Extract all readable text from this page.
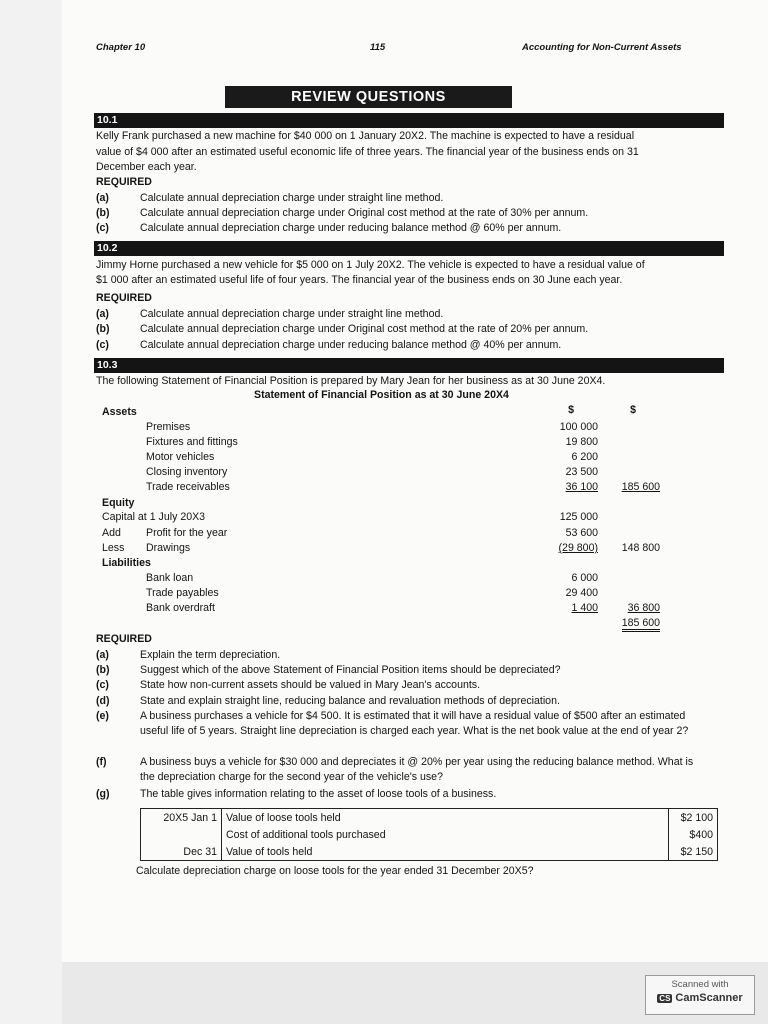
Chapter 10	115	Accounting for Non-Current Assets
REVIEW QUESTIONS
10.1
Kelly Frank purchased a new machine for $40 000 on 1 January 20X2. The machine is expected to have a residual
value of $4 000 after an estimated useful economic life of three years. The financial year of the business ends on 31
December each year.
REQUIRED
(a)	Calculate annual depreciation charge under straight line method.
(b)	Calculate annual depreciation charge under Original cost method at the rate of 30% per annum.
(c)	Calculate annual depreciation charge under reducing balance method @ 60% per annum.
10.2
Jimmy Horne purchased a new vehicle for $5 000 on 1 July 20X2. The vehicle is expected to have a residual value of
$1 000 after an estimated useful life of four years. The financial year of the business ends on 30 June each year.
REQUIRED
(a)	Calculate annual depreciation charge under straight line method.
(b)	Calculate annual depreciation charge under Original cost method at the rate of 20% per annum.
(c)	Calculate annual depreciation charge under reducing balance method @ 40% per annum.
10.3
The following Statement of Financial Position is prepared by Mary Jean for her business as at 30 June 20X4.
Statement of Financial Position as at 30 June 20X4
Assets	$	$
Premises	100 000
Fixtures and fittings	19 800
Motor vehicles	6 200
Closing inventory	23 500
Trade receivables	36 100	185 600
Equity
Capital at 1 July 20X3	125 000
Add Profit for the year	53 600
Less Drawings	(29 800)	148 800
Liabilities
Bank loan	6 000
Trade payables	29 400
Bank overdraft	1 400	36 800
185 600
REQUIRED
(a)	Explain the term depreciation.
(b)	Suggest which of the above Statement of Financial Position items should be depreciated?
(c)	State how non-current assets should be valued in Mary Jean's accounts.
(d)	State and explain straight line, reducing balance and revaluation methods of depreciation.
(e)	A business purchases a vehicle for $4 500. It is estimated that it will have a residual value of $500 after an estimated useful life of 5 years. Straight line depreciation is charged each year. What is the net book value at the end of year 2?
(f)	A business buys a vehicle for $30 000 and depreciates it @ 20% per year using the reducing balance method. What is the depreciation charge for the second year of the vehicle's use?
(g)	The table gives information relating to the asset of loose tools of a business.
20X5 Jan 1	Value of loose tools held	$2 100
	Cost of additional tools purchased	$400
Dec 31	Value of tools held	$2 150
Calculate depreciation charge on loose tools for the year ended 31 December 20X5?
Scanned with
CS CamScanner
